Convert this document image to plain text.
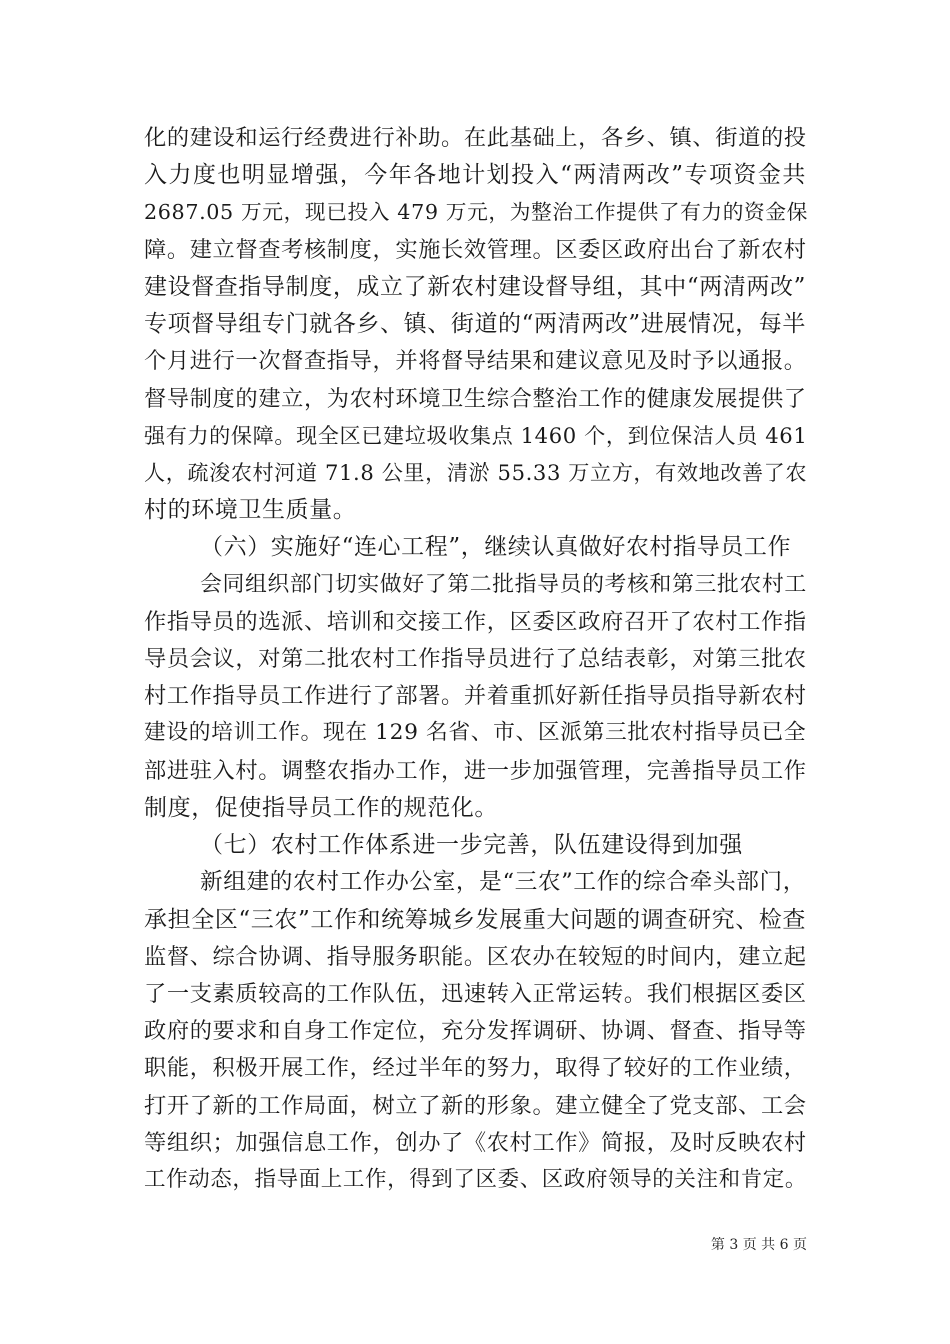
化的建设和运行经费进行补助。在此基础上，各乡、镇、街道的投
入力度也明显增强，今年各地计划投入“两清两改”专项资金共
2687.05 万元，现已投入 479 万元，为整治工作提供了有力的资金保
障。建立督查考核制度，实施长效管理。区委区政府出台了新农村
建设督查指导制度，成立了新农村建设督导组，其中“两清两改”
专项督导组专门就各乡、镇、街道的“两清两改”进展情况，每半
个月进行一次督查指导，并将督导结果和建议意见及时予以通报。
督导制度的建立，为农村环境卫生综合整治工作的健康发展提供了
强有力的保障。现全区已建垃圾收集点 1460 个，到位保洁人员 461
人，疏浚农村河道 71.8 公里，清淤 55.33 万立方，有效地改善了农
村的环境卫生质量。
（六）实施好“连心工程”，继续认真做好农村指导员工作
会同组织部门切实做好了第二批指导员的考核和第三批农村工
作指导员的选派、培训和交接工作，区委区政府召开了农村工作指
导员会议，对第二批农村工作指导员进行了总结表彰，对第三批农
村工作指导员工作进行了部署。并着重抓好新任指导员指导新农村
建设的培训工作。现在 129 名省、市、区派第三批农村指导员已全
部进驻入村。调整农指办工作，进一步加强管理，完善指导员工作
制度，促使指导员工作的规范化。
（七）农村工作体系进一步完善，队伍建设得到加强
新组建的农村工作办公室，是“三农”工作的综合牵头部门，
承担全区“三农”工作和统筹城乡发展重大问题的调查研究、检查
监督、综合协调、指导服务职能。区农办在较短的时间内，建立起
了一支素质较高的工作队伍，迅速转入正常运转。我们根据区委区
政府的要求和自身工作定位，充分发挥调研、协调、督查、指导等
职能，积极开展工作，经过半年的努力，取得了较好的工作业绩，
打开了新的工作局面，树立了新的形象。建立健全了党支部、工会
等组织；加强信息工作，创办了《农村工作》简报，及时反映农村
工作动态，指导面上工作，得到了区委、区政府领导的关注和肯定。
第 3 页 共 6 页
